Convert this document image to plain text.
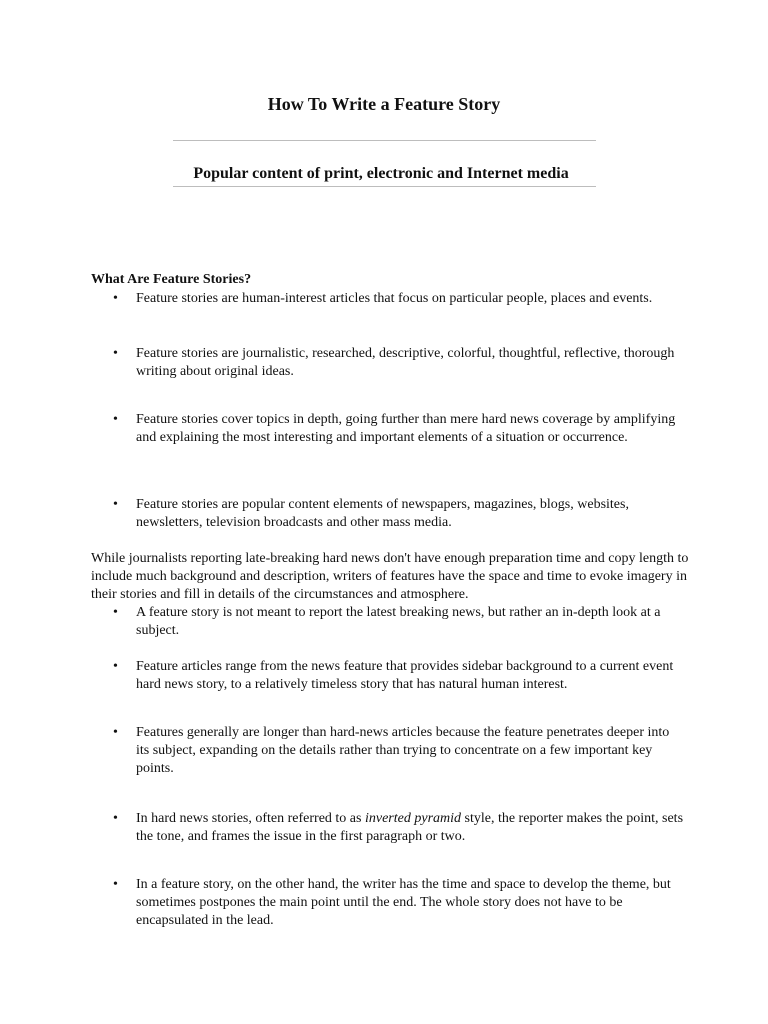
How To Write a Feature Story
Popular content of print, electronic and Internet media
What Are Feature Stories?
•	Feature stories are human-interest articles that focus on particular people, places and events.
•	Feature stories are journalistic, researched, descriptive, colorful, thoughtful, reflective, thorough writing about original ideas.
•	Feature stories cover topics in depth, going further than mere hard news coverage by amplifying and explaining the most interesting and important elements of a situation or occurrence.
•	Feature stories are popular content elements of newspapers, magazines, blogs, websites, newsletters, television broadcasts and other mass media.

While journalists reporting late-breaking hard news don't have enough preparation time and copy length to include much background and description, writers of features have the space and time to evoke imagery in their stories and fill in details of the circumstances and atmosphere.

•	A feature story is not meant to report the latest breaking news, but rather an in-depth look at a subject.
•	Feature articles range from the news feature that provides sidebar background to a current event hard news story, to a relatively timeless story that has natural human interest.
•	Features generally are longer than hard-news articles because the feature penetrates deeper into its subject, expanding on the details rather than trying to concentrate on a few important key points.
•	In hard news stories, often referred to as inverted pyramid style, the reporter makes the point, sets the tone, and frames the issue in the first paragraph or two.
•	In a feature story, on the other hand, the writer has the time and space to develop the theme, but sometimes postpones the main point until the end. The whole story does not have to be encapsulated in the lead.
